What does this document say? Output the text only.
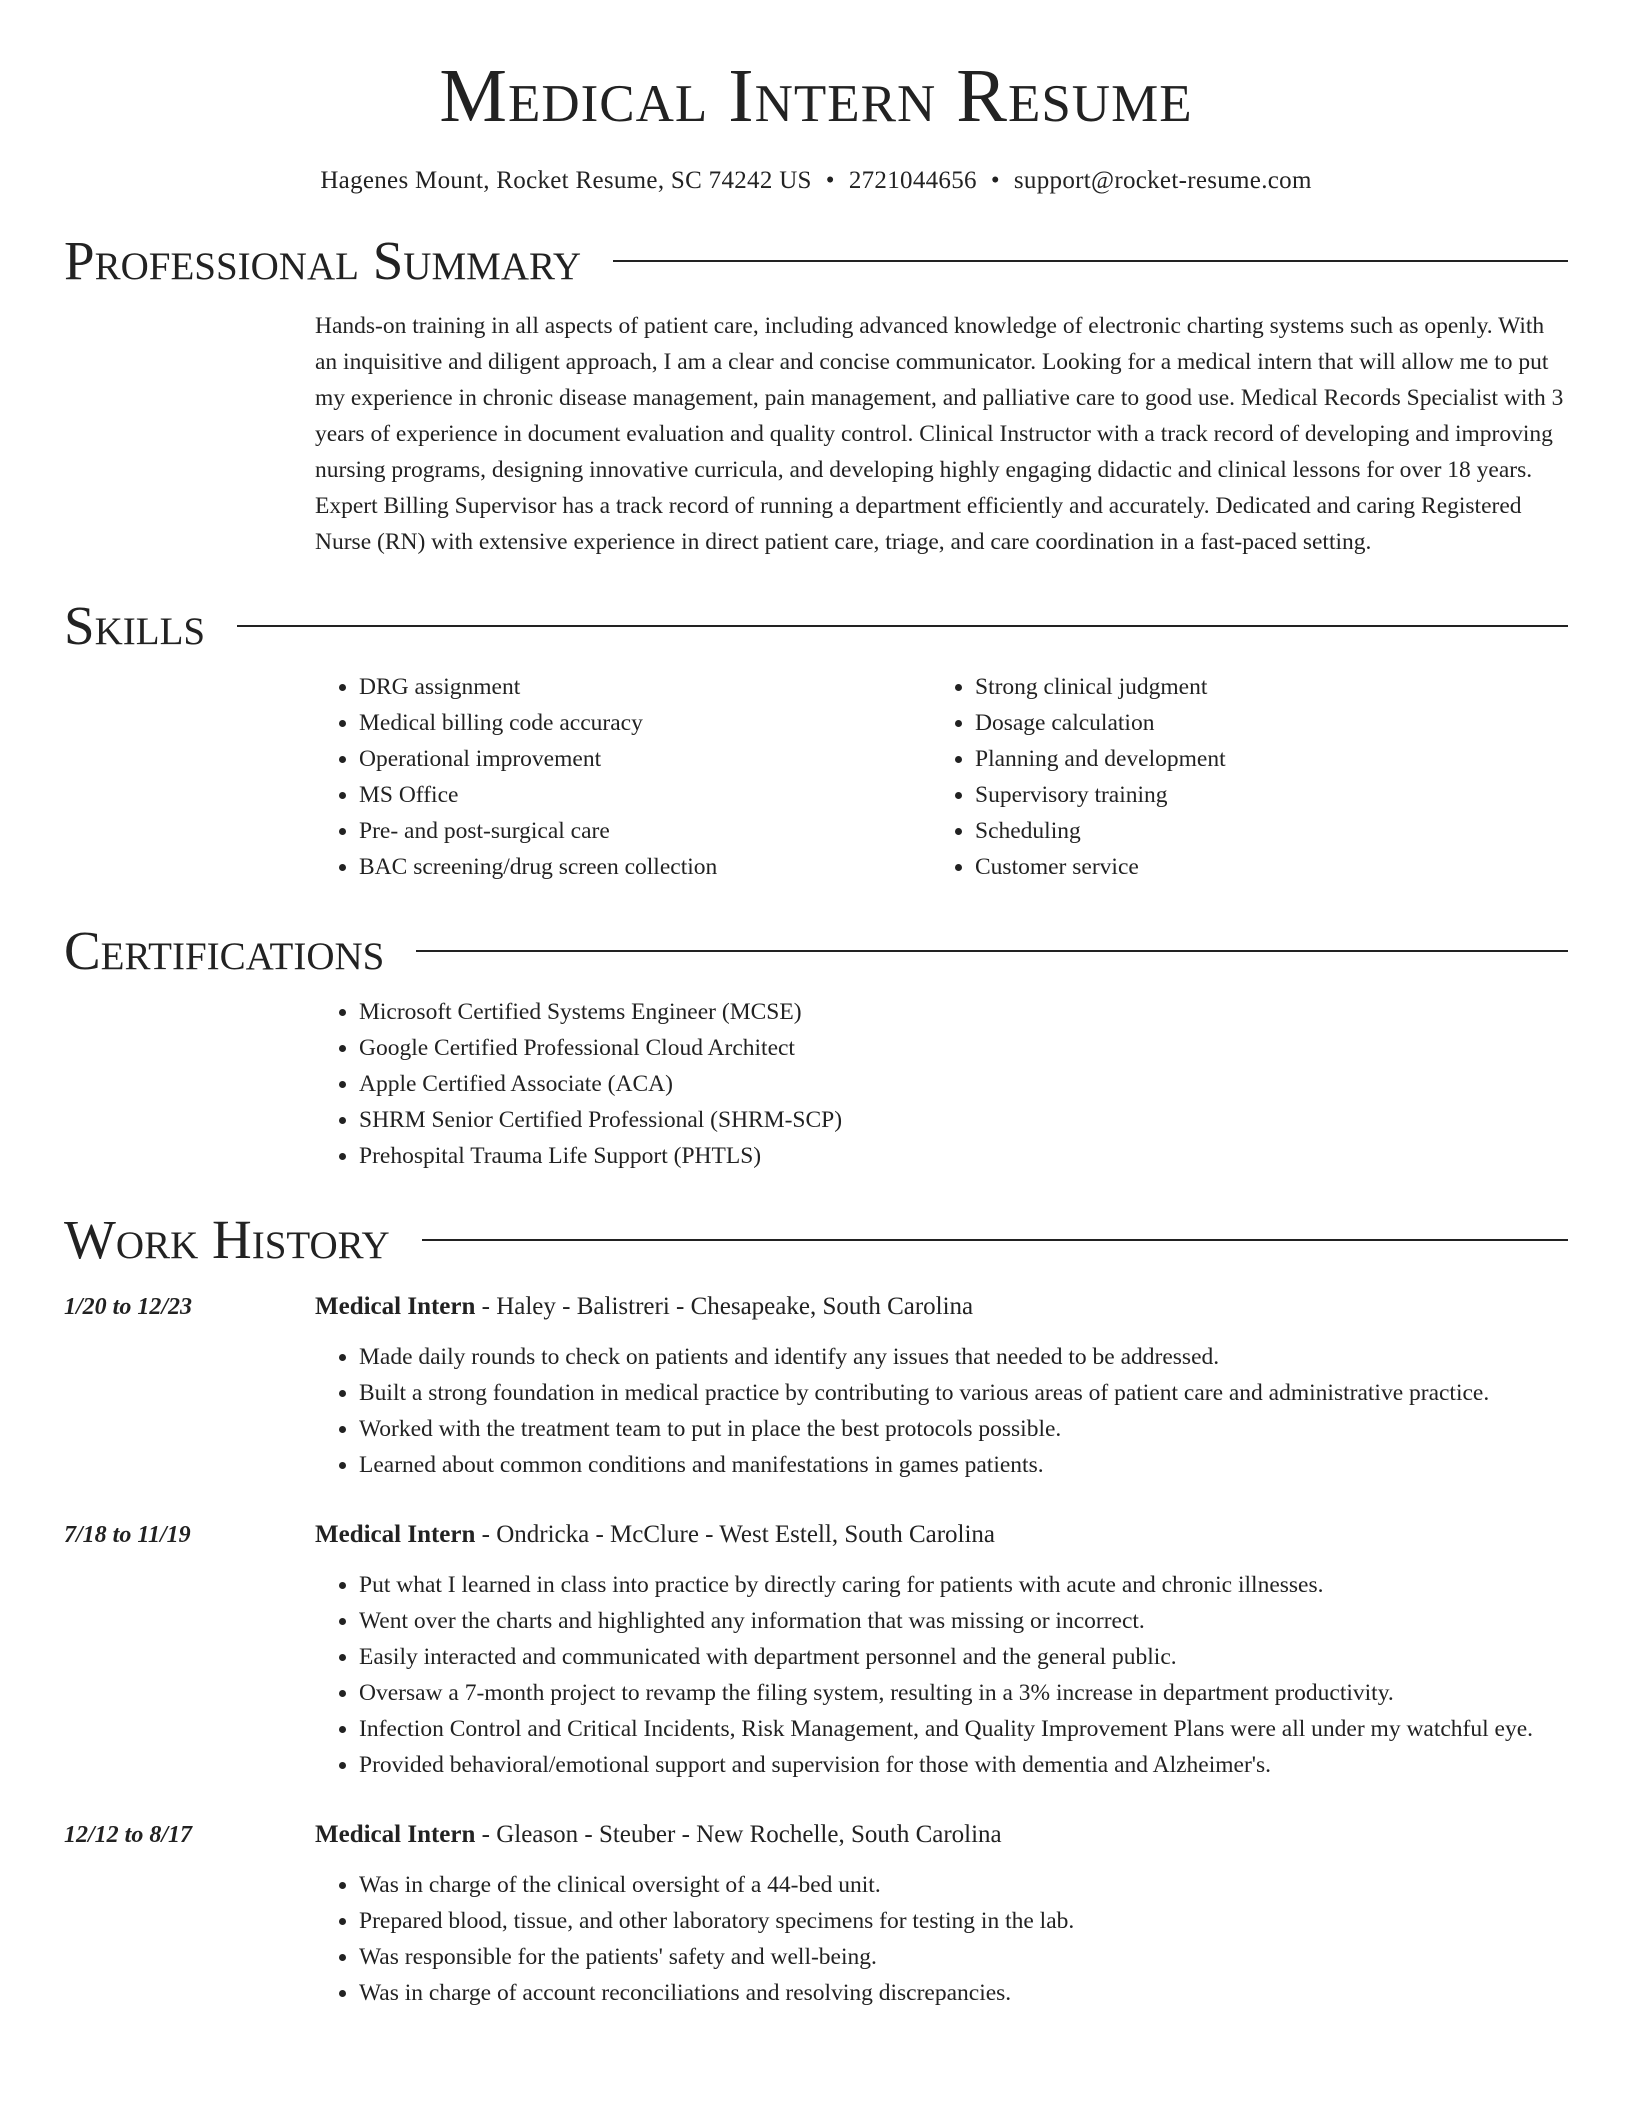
Medical Intern Resume
Hagenes Mount, Rocket Resume, SC 74242 US • 2721044656 • support@rocket-resume.com
Professional Summary
Hands-on training in all aspects of patient care, including advanced knowledge of electronic charting systems such as openly. With an inquisitive and diligent approach, I am a clear and concise communicator. Looking for a medical intern that will allow me to put my experience in chronic disease management, pain management, and palliative care to good use. Medical Records Specialist with 3 years of experience in document evaluation and quality control. Clinical Instructor with a track record of developing and improving nursing programs, designing innovative curricula, and developing highly engaging didactic and clinical lessons for over 18 years. Expert Billing Supervisor has a track record of running a department efficiently and accurately. Dedicated and caring Registered Nurse (RN) with extensive experience in direct patient care, triage, and care coordination in a fast-paced setting.
Skills
• DRG assignment
• Medical billing code accuracy
• Operational improvement
• MS Office
• Pre- and post-surgical care
• BAC screening/drug screen collection
• Strong clinical judgment
• Dosage calculation
• Planning and development
• Supervisory training
• Scheduling
• Customer service
Certifications
• Microsoft Certified Systems Engineer (MCSE)
• Google Certified Professional Cloud Architect
• Apple Certified Associate (ACA)
• SHRM Senior Certified Professional (SHRM-SCP)
• Prehospital Trauma Life Support (PHTLS)
Work History
1/20 to 12/23	Medical Intern - Haley - Balistreri - Chesapeake, South Carolina
• Made daily rounds to check on patients and identify any issues that needed to be addressed.
• Built a strong foundation in medical practice by contributing to various areas of patient care and administrative practice.
• Worked with the treatment team to put in place the best protocols possible.
• Learned about common conditions and manifestations in games patients.
7/18 to 11/19	Medical Intern - Ondricka - McClure - West Estell, South Carolina
• Put what I learned in class into practice by directly caring for patients with acute and chronic illnesses.
• Went over the charts and highlighted any information that was missing or incorrect.
• Easily interacted and communicated with department personnel and the general public.
• Oversaw a 7-month project to revamp the filing system, resulting in a 3% increase in department productivity.
• Infection Control and Critical Incidents, Risk Management, and Quality Improvement Plans were all under my watchful eye.
• Provided behavioral/emotional support and supervision for those with dementia and Alzheimer's.
12/12 to 8/17	Medical Intern - Gleason - Steuber - New Rochelle, South Carolina
• Was in charge of the clinical oversight of a 44-bed unit.
• Prepared blood, tissue, and other laboratory specimens for testing in the lab.
• Was responsible for the patients' safety and well-being.
• Was in charge of account reconciliations and resolving discrepancies.
